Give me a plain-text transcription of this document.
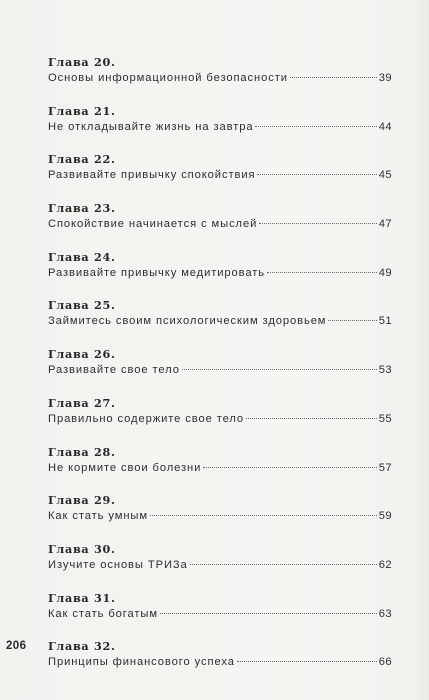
Глава 20.
Основы информационной безопасности	39
Глава 21.
Не откладывайте жизнь на завтра	44
Глава 22.
Развивайте привычку спокойствия	45
Глава 23.
Спокойствие начинается с мыслей	47
Глава 24.
Развивайте привычку медитировать	49
Глава 25.
Займитесь своим психологическим здоровьем	51
Глава 26.
Развивайте свое тело	53
Глава 27.
Правильно содержите свое тело	55
Глава 28.
Не кормите свои болезни	57
Глава 29.
Как стать умным	59
Глава 30.
Изучите основы ТРИЗа	62
Глава 31.
Как стать богатым	63
Глава 32.
Принципы финансового успеха	66
206
